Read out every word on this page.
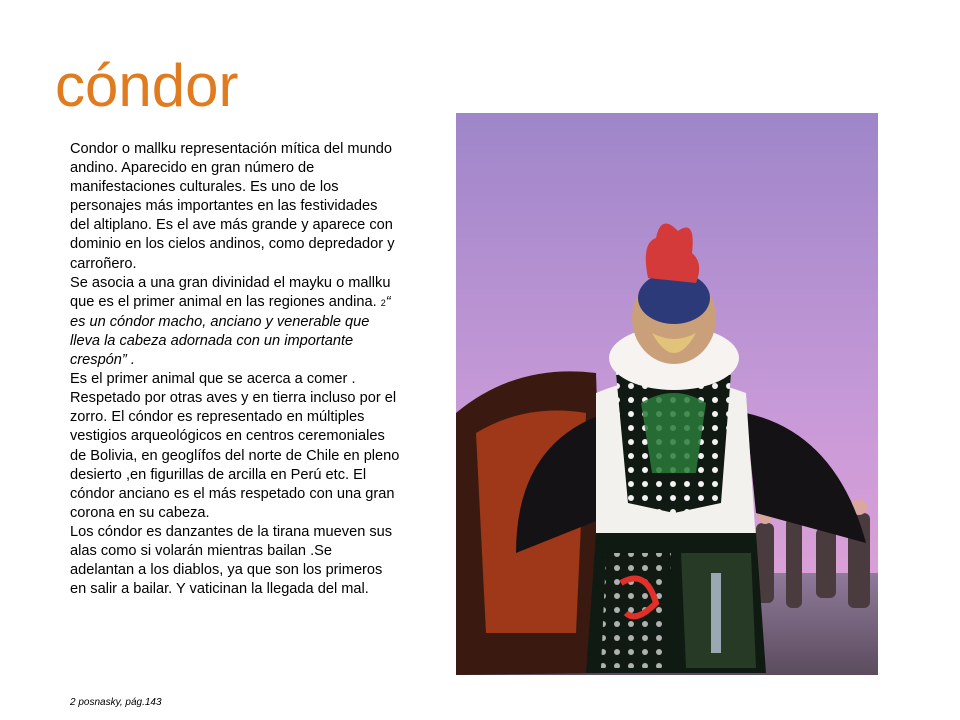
cóndor

Condor o mallku representación mítica del mundo andino. Aparecido en gran número de manifestaciones culturales. Es uno de los personajes más importantes en las festividades del altiplano. Es el ave más grande y aparece con dominio en los cielos andinos, como depredador y carroñero.

Se asocia a una gran divinidad el mayku o mallku que es el primer animal en las regiones andina. 2“ es un cóndor macho, anciano y venerable que lleva la cabeza adornada con un importante crespón” .

Es el primer animal que se acerca a comer . Respetado por otras aves y en tierra incluso por el zorro. El cóndor es representado en múltiples vestigios arqueológicos en centros ceremoniales de Bolivia, en geoglífos del norte de Chile en pleno desierto ,en figurillas de arcilla en Perú etc. El cóndor anciano es el más respetado con una gran corona en su cabeza.

Los cóndor es danzantes de la tirana mueven sus alas como si volarán mientras bailan .Se adelantan a los diablos, ya que son los primeros en salir a bailar. Y vaticinan la llegada del mal.

2 posnasky, pág.143
